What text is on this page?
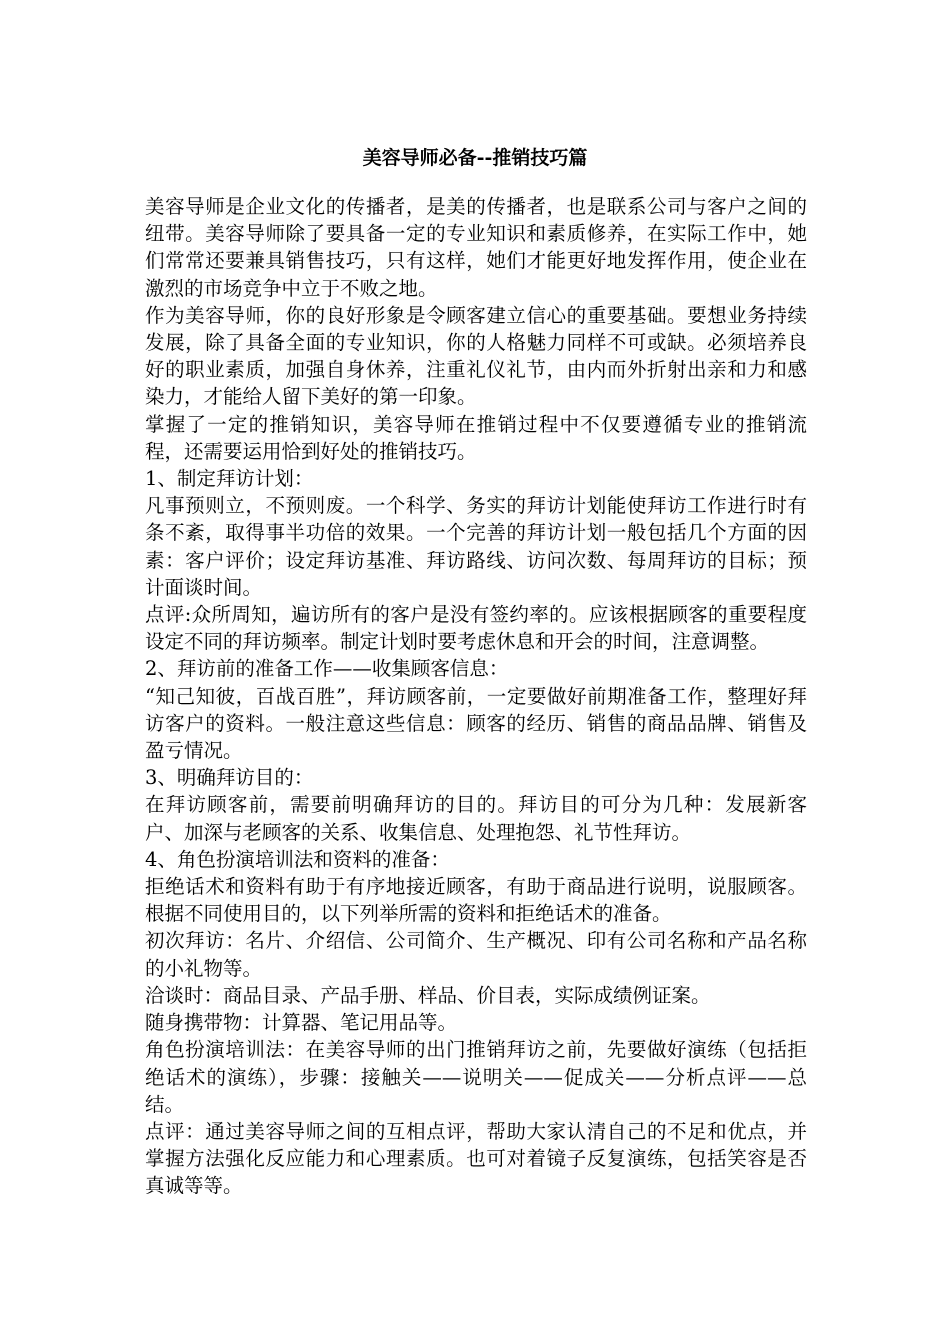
美容导师必备--推销技巧篇

美容导师是企业文化的传播者，是美的传播者，也是联系公司与客户之间的纽带。美容导师除了要具备一定的专业知识和素质修养，在实际工作中，她们常常还要兼具销售技巧，只有这样，她们才能更好地发挥作用，使企业在激烈的市场竞争中立于不败之地。

作为美容导师，你的良好形象是令顾客建立信心的重要基础。要想业务持续发展，除了具备全面的专业知识，你的人格魅力同样不可或缺。必须培养良好的职业素质，加强自身休养，注重礼仪礼节，由内而外折射出亲和力和感染力，才能给人留下美好的第一印象。

掌握了一定的推销知识，美容导师在推销过程中不仅要遵循专业的推销流程，还需要运用恰到好处的推销技巧。

1、制定拜访计划：

凡事预则立，不预则废。一个科学、务实的拜访计划能使拜访工作进行时有条不紊，取得事半功倍的效果。一个完善的拜访计划一般包括几个方面的因素：客户评价；设定拜访基准、拜访路线、访问次数、每周拜访的目标；预计面谈时间。

点评:众所周知，遍访所有的客户是没有签约率的。应该根据顾客的重要程度设定不同的拜访频率。制定计划时要考虑休息和开会的时间，注意调整。

2、拜访前的准备工作——收集顾客信息：

“知己知彼，百战百胜”，拜访顾客前，一定要做好前期准备工作，整理好拜访客户的资料。一般注意这些信息：顾客的经历、销售的商品品牌、销售及盈亏情况。

3、明确拜访目的：

在拜访顾客前，需要前明确拜访的目的。拜访目的可分为几种：发展新客户、加深与老顾客的关系、收集信息、处理抱怨、礼节性拜访。

4、角色扮演培训法和资料的准备：

拒绝话术和资料有助于有序地接近顾客，有助于商品进行说明，说服顾客。根据不同使用目的，以下列举所需的资料和拒绝话术的准备。

初次拜访：名片、介绍信、公司简介、生产概况、印有公司名称和产品名称的小礼物等。

洽谈时：商品目录、产品手册、样品、价目表，实际成绩例证案。

随身携带物：计算器、笔记用品等。

角色扮演培训法：在美容导师的出门推销拜访之前，先要做好演练（包括拒绝话术的演练），步骤：接触关——说明关——促成关——分析点评——总结。

点评：通过美容导师之间的互相点评，帮助大家认清自己的不足和优点，并掌握方法强化反应能力和心理素质。也可对着镜子反复演练，包括笑容是否真诚等等。
